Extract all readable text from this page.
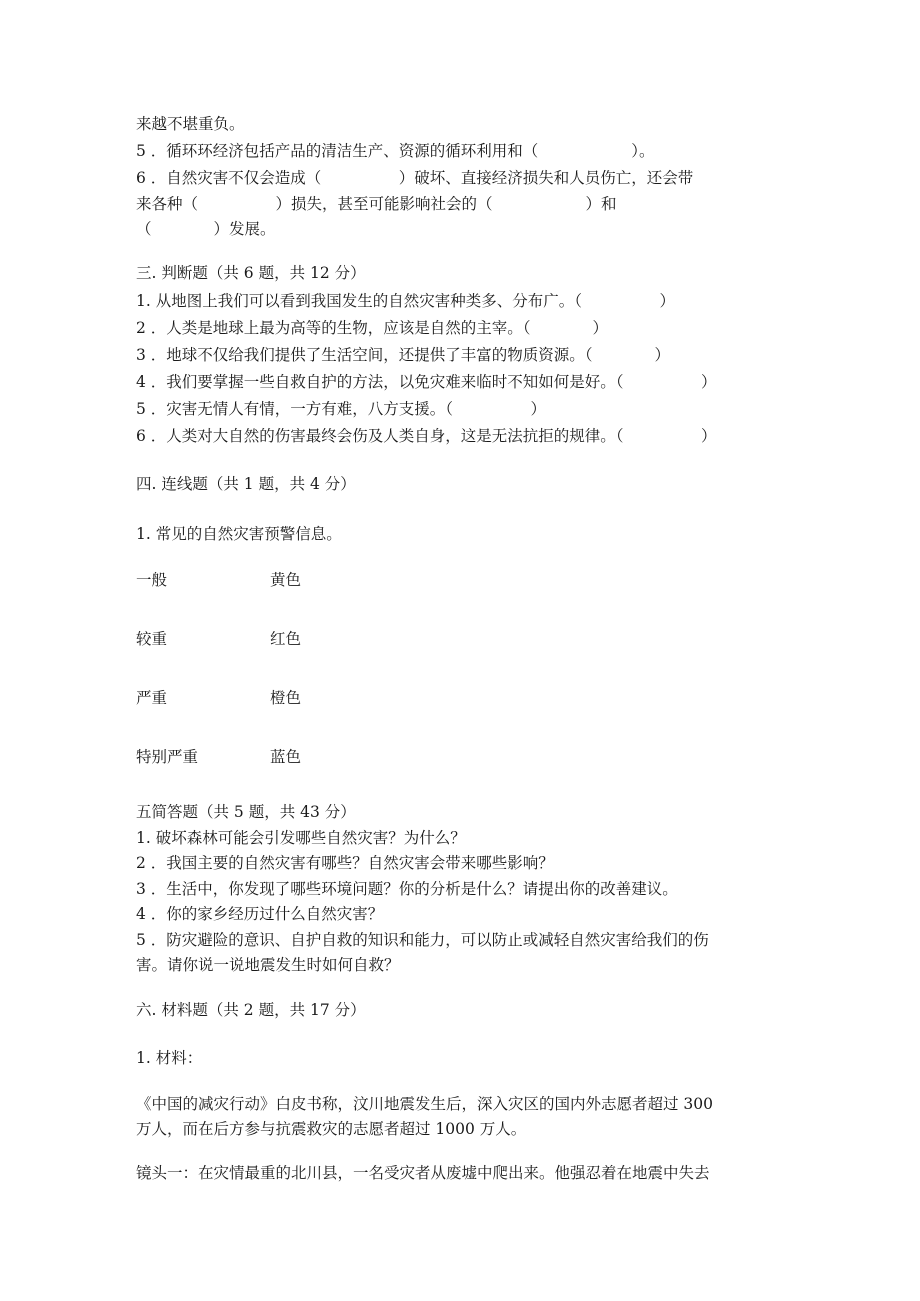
来越不堪重负。
5 ．循环环经济包括产品的清洁生产、资源的循环利用和（　　　　　　）。
6 ．自然灾害不仅会造成（　　　　　）破坏、直接经济损失和人员伤亡，还会带
来各种（　　　　　）损失，甚至可能影响社会的（　　　　　　）和
（　　　　）发展。
三. 判断题（共 6 题，共 12 分）
1. 从地图上我们可以看到我国发生的自然灾害种类多、分布广。（　　　　　）
2 ．人类是地球上最为高等的生物，应该是自然的主宰。（　　　　）
3 ．地球不仅给我们提供了生活空间，还提供了丰富的物质资源。（　　　　）
4 ．我们要掌握一些自救自护的方法，以免灾难来临时不知如何是好。（　　　　　）
5 ．灾害无情人有情，一方有难，八方支援。（　　　　　）
6 ．人类对大自然的伤害最终会伤及人类自身，这是无法抗拒的规律。（　　　　　）
四. 连线题（共 1 题，共 4 分）
1. 常见的自然灾害预警信息。
一般	黄色
较重	红色
严重	橙色
特别严重	蓝色
五简答题（共 5 题，共 43 分）
1. 破坏森林可能会引发哪些自然灾害？为什么？
2 ．我国主要的自然灾害有哪些？自然灾害会带来哪些影响？
3 ．生活中，你发现了哪些环境问题？你的分析是什么？请提出你的改善建议。
4 ．你的家乡经历过什么自然灾害？
5 ．防灾避险的意识、自护自救的知识和能力，可以防止或减轻自然灾害给我们的伤
害。请你说一说地震发生时如何自救？
六. 材料题（共 2 题，共 17 分）
1. 材料：
《中国的减灾行动》白皮书称，汶川地震发生后，深入灾区的国内外志愿者超过 300
万人，而在后方参与抗震救灾的志愿者超过 1000 万人。
镜头一：在灾情最重的北川县，一名受灾者从废墟中爬出来。他强忍着在地震中失去
